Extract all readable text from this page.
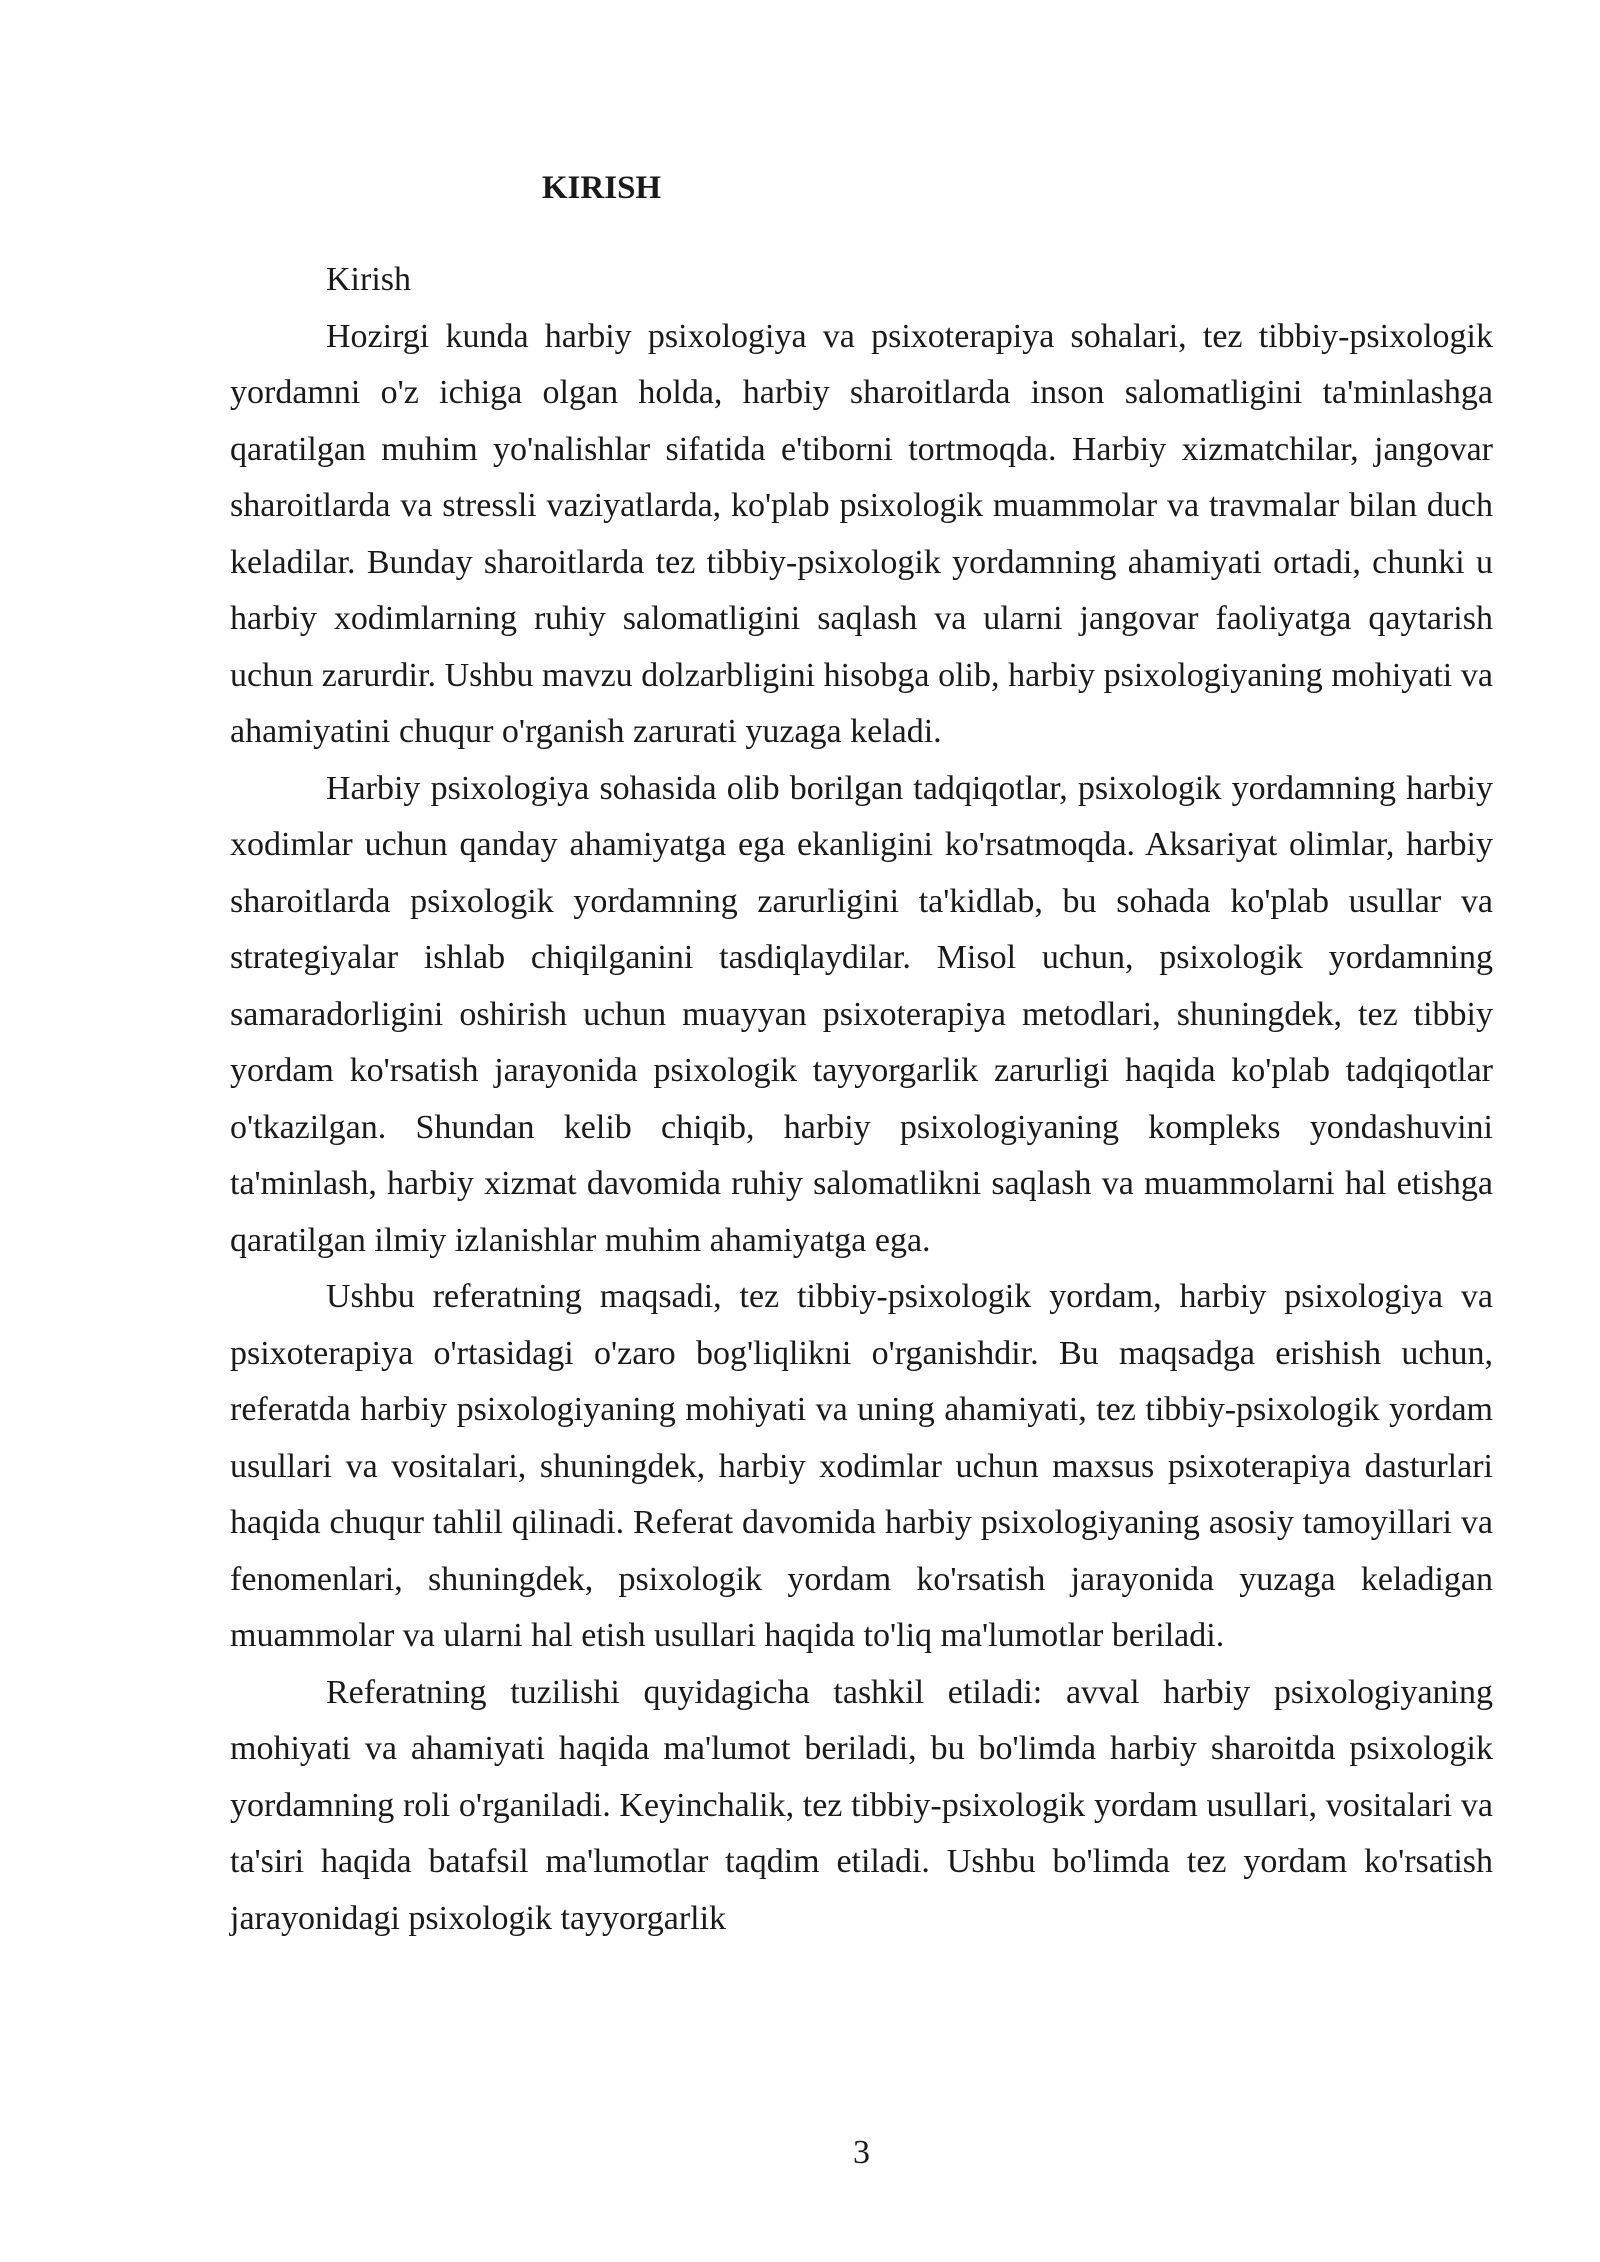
KIRISH

Kirish

Hozirgi kunda harbiy psixologiya va psixoterapiya sohalari, tez tibbiy-psixologik yordamni o'z ichiga olgan holda, harbiy sharoitlarda inson salomatligini ta'minlashga qaratilgan muhim yo'nalishlar sifatida e'tiborni tortmoqda. Harbiy xizmatchilar, jangovar sharoitlarda va stressli vaziyatlarda, ko'plab psixologik muammolar va travmalar bilan duch keladilar. Bunday sharoitlarda tez tibbiy-psixologik yordamning ahamiyati ortadi, chunki u harbiy xodimlarning ruhiy salomatligini saqlash va ularni jangovar faoliyatga qaytarish uchun zarurdir. Ushbu mavzu dolzarbligini hisobga olib, harbiy psixologiyaning mohiyati va ahamiyatini chuqur o'rganish zarurati yuzaga keladi.

Harbiy psixologiya sohasida olib borilgan tadqiqotlar, psixologik yordamning harbiy xodimlar uchun qanday ahamiyatga ega ekanligini ko'rsatmoqda. Aksariyat olimlar, harbiy sharoitlarda psixologik yordamning zarurligini ta'kidlab, bu sohada ko'plab usullar va strategiyalar ishlab chiqilganini tasdiqlaydilar. Misol uchun, psixologik yordamning samaradorligini oshirish uchun muayyan psixoterapiya metodlari, shuningdek, tez tibbiy yordam ko'rsatish jarayonida psixologik tayyorgarlik zarurligi haqida ko'plab tadqiqotlar o'tkazilgan. Shundan kelib chiqib, harbiy psixologiyaning kompleks yondashuvini ta'minlash, harbiy xizmat davomida ruhiy salomatlikni saqlash va muammolarni hal etishga qaratilgan ilmiy izlanishlar muhim ahamiyatga ega.

Ushbu referatning maqsadi, tez tibbiy-psixologik yordam, harbiy psixologiya va psixoterapiya o'rtasidagi o'zaro bog'liqlikni o'rganishdir. Bu maqsadga erishish uchun, referatda harbiy psixologiyaning mohiyati va uning ahamiyati, tez tibbiy-psixologik yordam usullari va vositalari, shuningdek, harbiy xodimlar uchun maxsus psixoterapiya dasturlari haqida chuqur tahlil qilinadi. Referat davomida harbiy psixologiyaning asosiy tamoyillari va fenomenlari, shuningdek, psixologik yordam ko'rsatish jarayonida yuzaga keladigan muammolar va ularni hal etish usullari haqida to'liq ma'lumotlar beriladi.

Referatning tuzilishi quyidagicha tashkil etiladi: avval harbiy psixologiyaning mohiyati va ahamiyati haqida ma'lumot beriladi, bu bo'limda harbiy sharoitda psixologik yordamning roli o'rganiladi. Keyinchalik, tez tibbiy-psixologik yordam usullari, vositalari va ta'siri haqida batafsil ma'lumotlar taqdim etiladi. Ushbu bo'limda tez yordam ko'rsatish jarayonidagi psixologik tayyorgarlik

3
